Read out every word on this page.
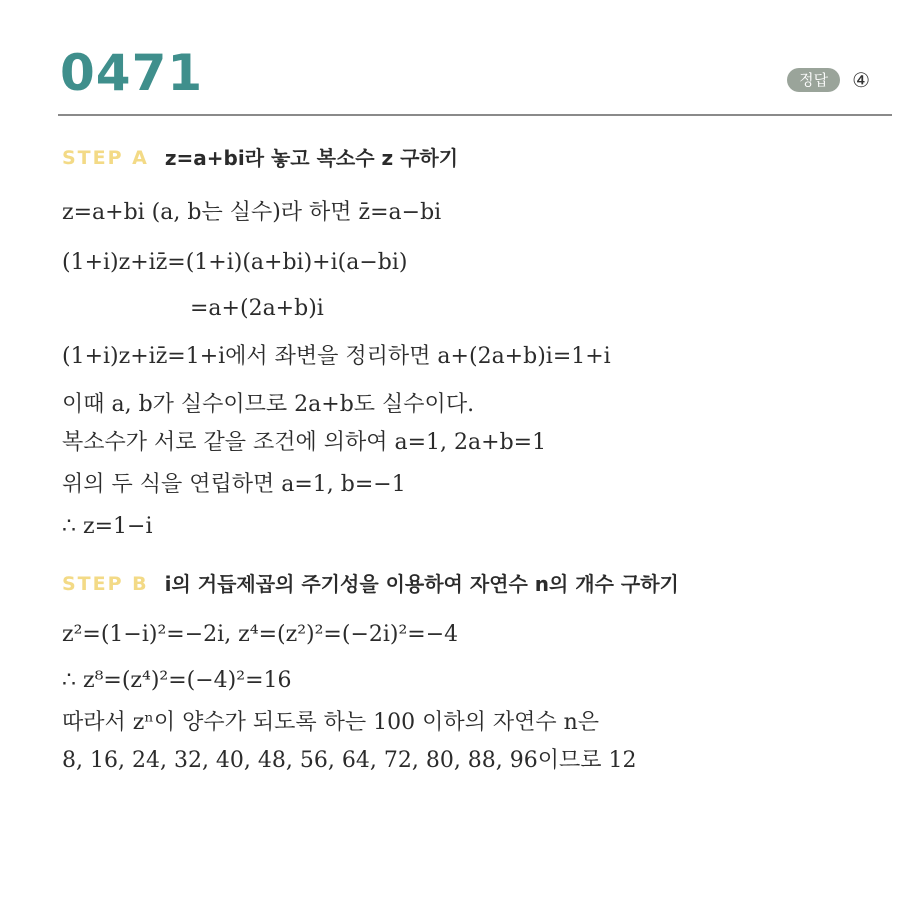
0471	정답	④
STEP A z=a+bi라 놓고 복소수 z 구하기
z=a+bi (a, b는 실수)라 하면 z̄=a−bi
(1+i)z+iz̄=(1+i)(a+bi)+i(a−bi)
=a+(2a+b)i
(1+i)z+iz̄=1+i에서 좌변을 정리하면 a+(2a+b)i=1+i
이때 a, b가 실수이므로 2a+b도 실수이다.
복소수가 서로 같을 조건에 의하여 a=1, 2a+b=1
위의 두 식을 연립하면 a=1, b=−1
∴ z=1−i
STEP B i의 거듭제곱의 주기성을 이용하여 자연수 n의 개수 구하기
z²=(1−i)²=−2i, z⁴=(z²)²=(−2i)²=−4
∴ z⁸=(z⁴)²=(−4)²=16
따라서 zⁿ이 양수가 되도록 하는 100 이하의 자연수 n은
8, 16, 24, 32, 40, 48, 56, 64, 72, 80, 88, 96이므로 12
